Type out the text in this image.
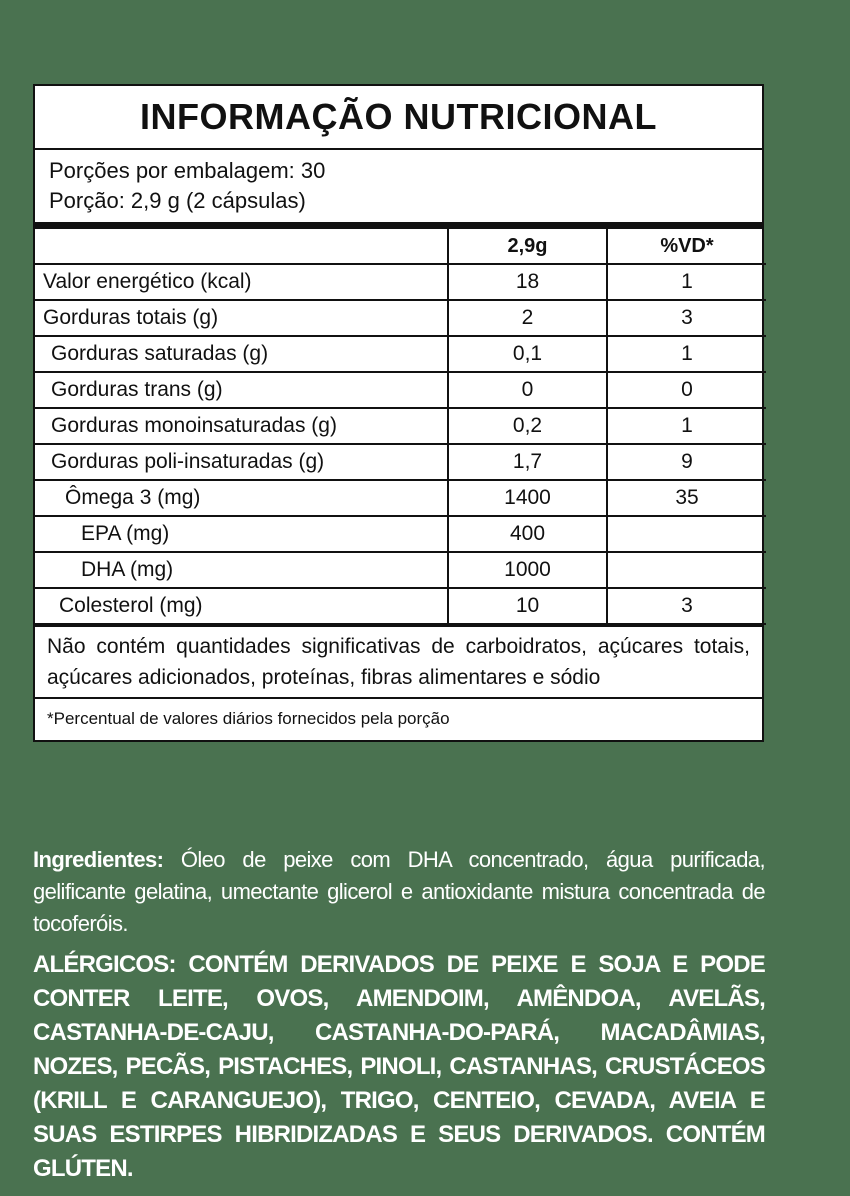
INFORMAÇÃO NUTRICIONAL
Porções por embalagem: 30
Porção: 2,9 g (2 cápsulas)
	2,9g	%VD*
Valor energético (kcal)	18	1
Gorduras totais (g)	2	3
Gorduras saturadas (g)	0,1	1
Gorduras trans (g)	0	0
Gorduras monoinsaturadas (g)	0,2	1
Gorduras poli-insaturadas (g)	1,7	9
Ômega 3 (mg)	1400	35
EPA (mg)	400	
DHA (mg)	1000	
Colesterol (mg)	10	3
Não contém quantidades significativas de carboidratos, açúcares totais, açúcares adicionados, proteínas, fibras alimentares e sódio
*Percentual de valores diários fornecidos pela porção
Ingredientes: Óleo de peixe com DHA concentrado, água purificada, gelificante gelatina, umectante glicerol e antioxidante mistura concentrada de tocoferóis.
ALÉRGICOS: CONTÉM DERIVADOS DE PEIXE E SOJA E PODE CONTER LEITE, OVOS, AMENDOIM, AMÊNDOA, AVELÃS, CASTANHA-DE-CAJU, CASTANHA-DO-PARÁ, MACADÂMIAS, NOZES, PECÃS, PISTACHES, PINOLI, CASTANHAS, CRUSTÁCEOS (KRILL E CARANGUEJO), TRIGO, CENTEIO, CEVADA, AVEIA E SUAS ESTIRPES HIBRIDIZADAS E SEUS DERIVADOS. CONTÉM GLÚTEN.
